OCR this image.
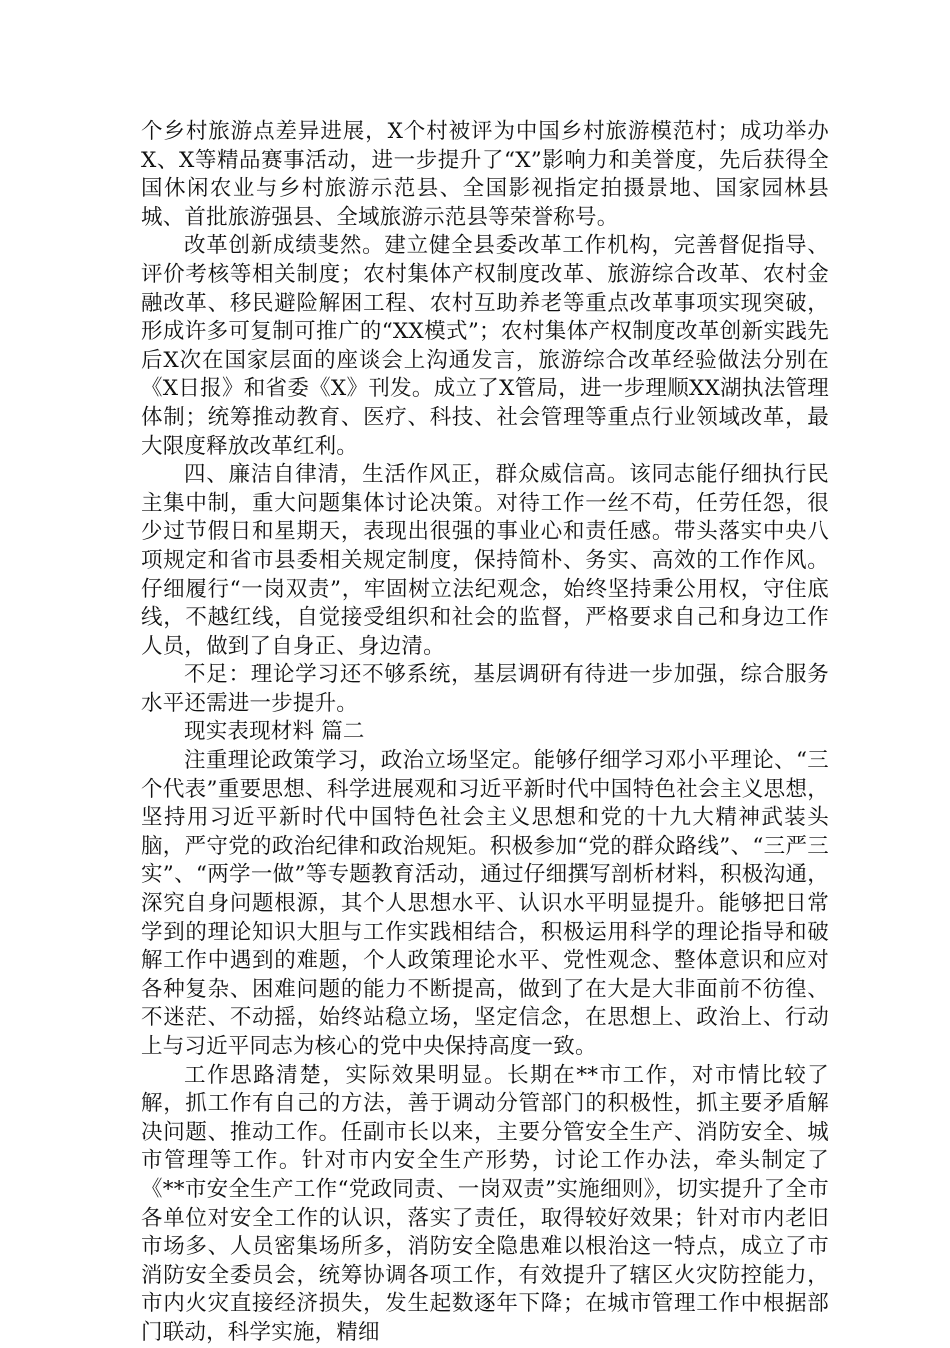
个乡村旅游点差异进展，X个村被评为中国乡村旅游模范村；成功举办X、X等精品赛事活动，进一步提升了“X”影响力和美誉度，先后获得全国休闲农业与乡村旅游示范县、全国影视指定拍摄景地、国家园林县城、首批旅游强县、全域旅游示范县等荣誉称号。

改革创新成绩斐然。建立健全县委改革工作机构，完善督促指导、评价考核等相关制度；农村集体产权制度改革、旅游综合改革、农村金融改革、移民避险解困工程、农村互助养老等重点改革事项实现突破，形成许多可复制可推广的“XX模式”；农村集体产权制度改革创新实践先后X次在国家层面的座谈会上沟通发言，旅游综合改革经验做法分别在《X日报》和省委《X》刊发。成立了X管局，进一步理顺XX湖执法管理体制；统筹推动教育、医疗、科技、社会管理等重点行业领域改革，最大限度释放改革红利。

四、廉洁自律清，生活作风正，群众威信高。该同志能仔细执行民主集中制，重大问题集体讨论决策。对待工作一丝不苟，任劳任怨，很少过节假日和星期天，表现出很强的事业心和责任感。带头落实中央八项规定和省市县委相关规定制度，保持简朴、务实、高效的工作作风。仔细履行“一岗双责”，牢固树立法纪观念，始终坚持秉公用权，守住底线，不越红线，自觉接受组织和社会的监督，严格要求自己和身边工作人员，做到了自身正、身边清。

不足：理论学习还不够系统，基层调研有待进一步加强，综合服务水平还需进一步提升。

现实表现材料 篇二

注重理论政策学习，政治立场坚定。能够仔细学习邓小平理论、“三个代表”重要思想、科学进展观和习近平新时代中国特色社会主义思想，坚持用习近平新时代中国特色社会主义思想和党的十九大精神武装头脑，严守党的政治纪律和政治规矩。积极参加“党的群众路线”、“三严三实”、“两学一做”等专题教育活动，通过仔细撰写剖析材料，积极沟通，深究自身问题根源，其个人思想水平、认识水平明显提升。能够把日常学到的理论知识大胆与工作实践相结合，积极运用科学的理论指导和破解工作中遇到的难题，个人政策理论水平、党性观念、整体意识和应对各种复杂、困难问题的能力不断提高，做到了在大是大非面前不彷徨、不迷茫、不动摇，始终站稳立场，坚定信念，在思想上、政治上、行动上与习近平同志为核心的党中央保持高度一致。

工作思路清楚，实际效果明显。长期在**市工作，对市情比较了解，抓工作有自己的方法，善于调动分管部门的积极性，抓主要矛盾解决问题、推动工作。任副市长以来，主要分管安全生产、消防安全、城市管理等工作。针对市内安全生产形势，讨论工作办法，牵头制定了《**市安全生产工作“党政同责、一岗双责”实施细则》，切实提升了全市各单位对安全工作的认识，落实了责任，取得较好效果；针对市内老旧市场多、人员密集场所多，消防安全隐患难以根治这一特点，成立了市消防安全委员会，统筹协调各项工作，有效提升了辖区火灾防控能力，市内火灾直接经济损失，发生起数逐年下降；在城市管理工作中根据部门联动，科学实施，精细
